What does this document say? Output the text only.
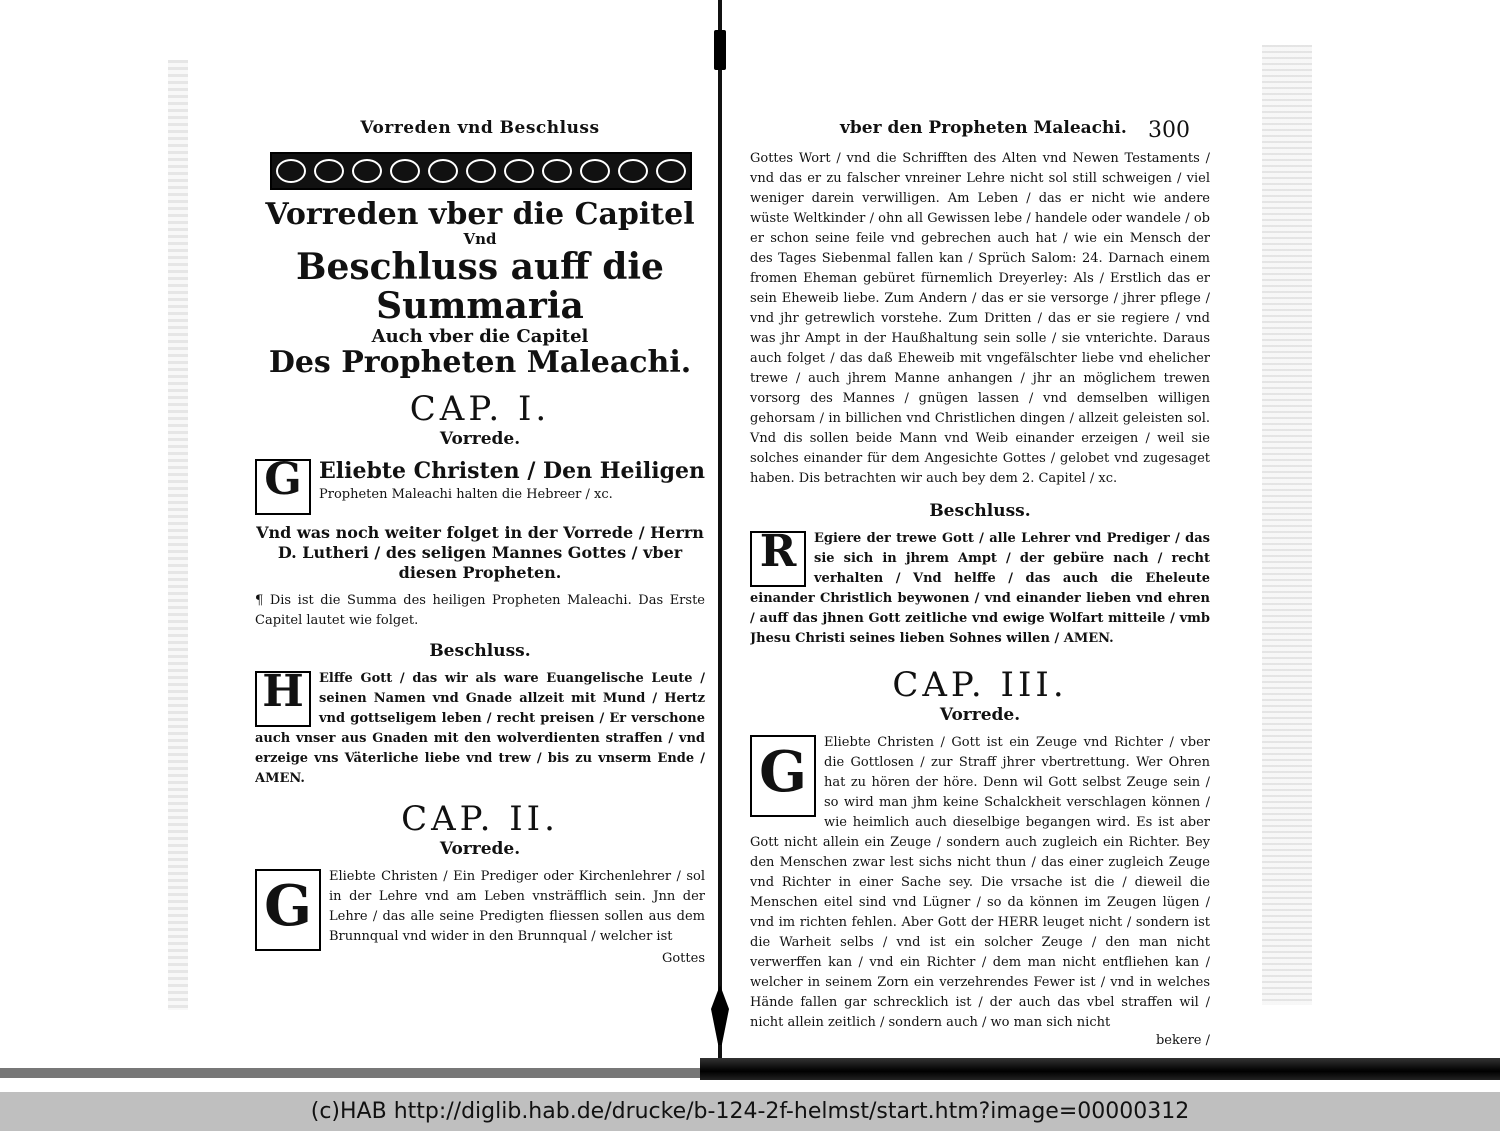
Vorreden vnd Beschluss
Vorreden vber die Capitel
Vnd
Beschluss auff die Summaria
Auch vber die Capitel
Des Propheten Maleachi.
CAP. I.
Vorrede.
G Eliebte Christen / Den Heiligen
Propheten Maleachi halten die Hebreer / xc.
Vnd was noch weiter folget in der Vorrede / Herrn D. Lutheri / des seligen Mannes Gottes / vber diesen Propheten.

¶ Dis ist die Summa des heiligen Propheten Maleachi. Das Erste Capitel lautet wie folget.

Beschluss.
H	Elffe Gott / das wir als ware Euangelische Leute / seinen Namen vnd Gnade allzeit mit Mund / Hertz vnd gottseligem leben / recht preisen / Er verschone auch vnser aus Gnaden mit den wolverdienten straffen / vnd erzeige vns Väterliche liebe vnd trew / bis zu vnserm Ende / AMEN.

CAP. II.
Vorrede.
G	Eliebte Christen / Ein Prediger oder Kirchenlehrer / sol in der Lehre vnd am Leben vnsträfflich sein. Jnn der Lehre / das alle seine Predigten fliessen sollen aus dem Brunnqual vnd wider in den Brunnqual / welcher ist

Gottes
vber den Propheten Maleachi. 300

Gottes Wort / vnd die Schrifften des Alten vnd Newen Testaments / vnd das er zu falscher vnreiner Lehre nicht sol still schweigen / viel weniger darein verwilligen. Am Leben / das er nicht wie andere wüste Weltkinder / ohn all Gewissen lebe / handele oder wandele / ob er schon seine feile vnd gebrechen auch hat / wie ein Mensch der des Tages Siebenmal fallen kan / Sprüch Salom: 24. Darnach einem fromen Eheman gebüret fürnemlich Dreyerley: Als / Erstlich das er sein Eheweib liebe. Zum Andern / das er sie versorge / jhrer pflege / vnd jhr getrewlich vorstehe. Zum Dritten / das er sie regiere / vnd was jhr Ampt in der Haußhaltung sein solle / sie vnterichte. Daraus auch folget / das daß Eheweib mit vngefälschter liebe vnd ehelicher trewe / auch jhrem Manne anhangen / jhr an möglichem trewen vorsorg des Mannes / gnügen lassen / vnd demselben willigen gehorsam / in billichen vnd Christlichen dingen / allzeit geleisten sol. Vnd dis sollen beide Mann vnd Weib einander erzeigen / weil sie solches einander für dem Angesichte Gottes / gelobet vnd zugesaget haben. Dis betrachten wir auch bey dem 2. Capitel / xc.

Beschluss.
R	Egiere der trewe Gott / alle Lehrer vnd Prediger / das sie sich in jhrem Ampt / der gebüre nach / recht verhalten / Vnd helffe / das auch die Eheleute einander Christlich beywonen / vnd einander lieben vnd ehren / auff das jhnen Gott zeitliche vnd ewige Wolfart mitteile / vmb Jhesu Christi seines lieben Sohnes willen / AMEN.

CAP. III.
Vorrede.
G	Eliebte Christen / Gott ist ein Zeuge vnd Richter / vber die Gottlosen / zur Straff jhrer vbertrettung. Wer Ohren hat zu hören der höre. Denn wil Gott selbst Zeuge sein / so wird man jhm keine Schalckheit verschlagen können / wie heimlich auch dieselbige begangen wird. Es ist aber Gott nicht allein ein Zeuge / sondern auch zugleich ein Richter. Bey den Menschen zwar lest sichs nicht thun / das einer zugleich Zeuge vnd Richter in einer Sache sey. Die vrsache ist die / dieweil die Menschen eitel sind vnd Lügner / so da können im Zeugen lügen / vnd im richten fehlen. Aber Gott der HERR leuget nicht / sondern ist die Warheit selbs / vnd ist ein solcher Zeuge / den man nicht verwerffen kan / vnd ein Richter / dem man nicht entfliehen kan / welcher in seinem Zorn ein verzehrendes Fewer ist / vnd in welches Hände fallen gar schrecklich ist / der auch das vbel straffen wil / nicht allein zeitlich / sondern auch / wo man sich nicht

bekere /
(c)HAB http://diglib.hab.de/drucke/b-124-2f-helmst/start.htm?image=00000312
